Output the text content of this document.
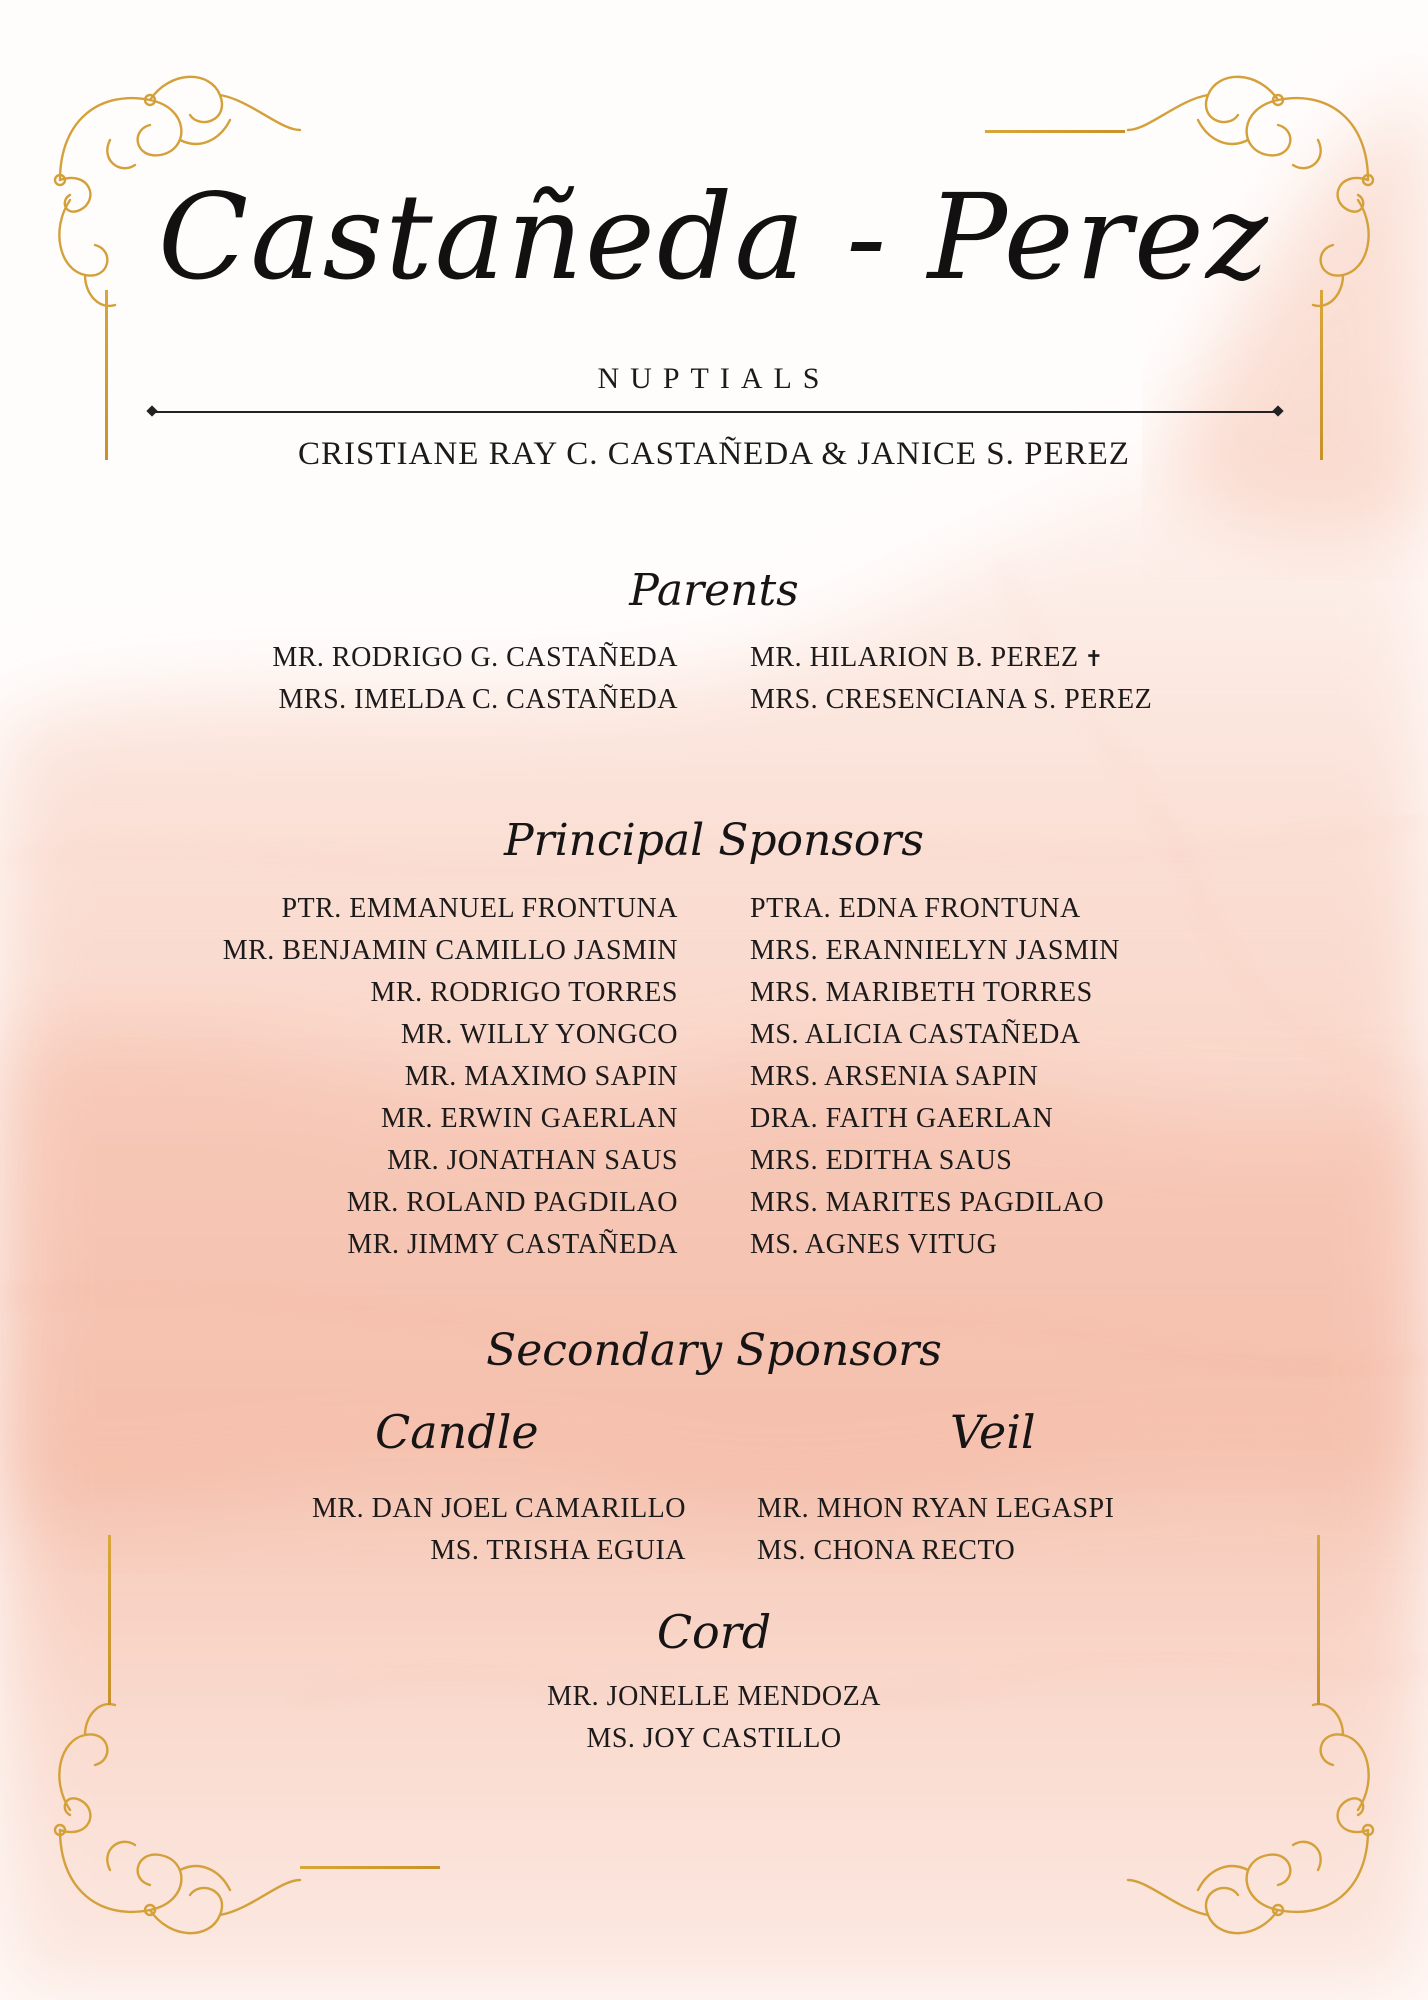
Castañeda - Perez
NUPTIALS
CRISTIANE RAY C. CASTAÑEDA & JANICE S. PEREZ
Parents
MR. RODRIGO G. CASTAÑEDA
MRS. IMELDA C. CASTAÑEDA
MR. HILARION B. PEREZ ✝
MRS. CRESENCIANA S. PEREZ
Principal Sponsors
PTR. EMMANUEL FRONTUNA
MR. BENJAMIN CAMILLO JASMIN
MR. RODRIGO TORRES
MR. WILLY YONGCO
MR. MAXIMO SAPIN
MR. ERWIN GAERLAN
MR. JONATHAN SAUS
MR. ROLAND PAGDILAO
MR. JIMMY CASTAÑEDA
PTRA. EDNA FRONTUNA
MRS. ERANNIELYN JASMIN
MRS. MARIBETH TORRES
MS. ALICIA CASTAÑEDA
MRS. ARSENIA SAPIN
DRA. FAITH GAERLAN
MRS. EDITHA SAUS
MRS. MARITES PAGDILAO
MS. AGNES VITUG
Secondary Sponsors
Candle	Veil
MR. DAN JOEL CAMARILLO
MS. TRISHA EGUIA
MR. MHON RYAN LEGASPI
MS. CHONA RECTO
Cord
MR. JONELLE MENDOZA
MS. JOY CASTILLO
